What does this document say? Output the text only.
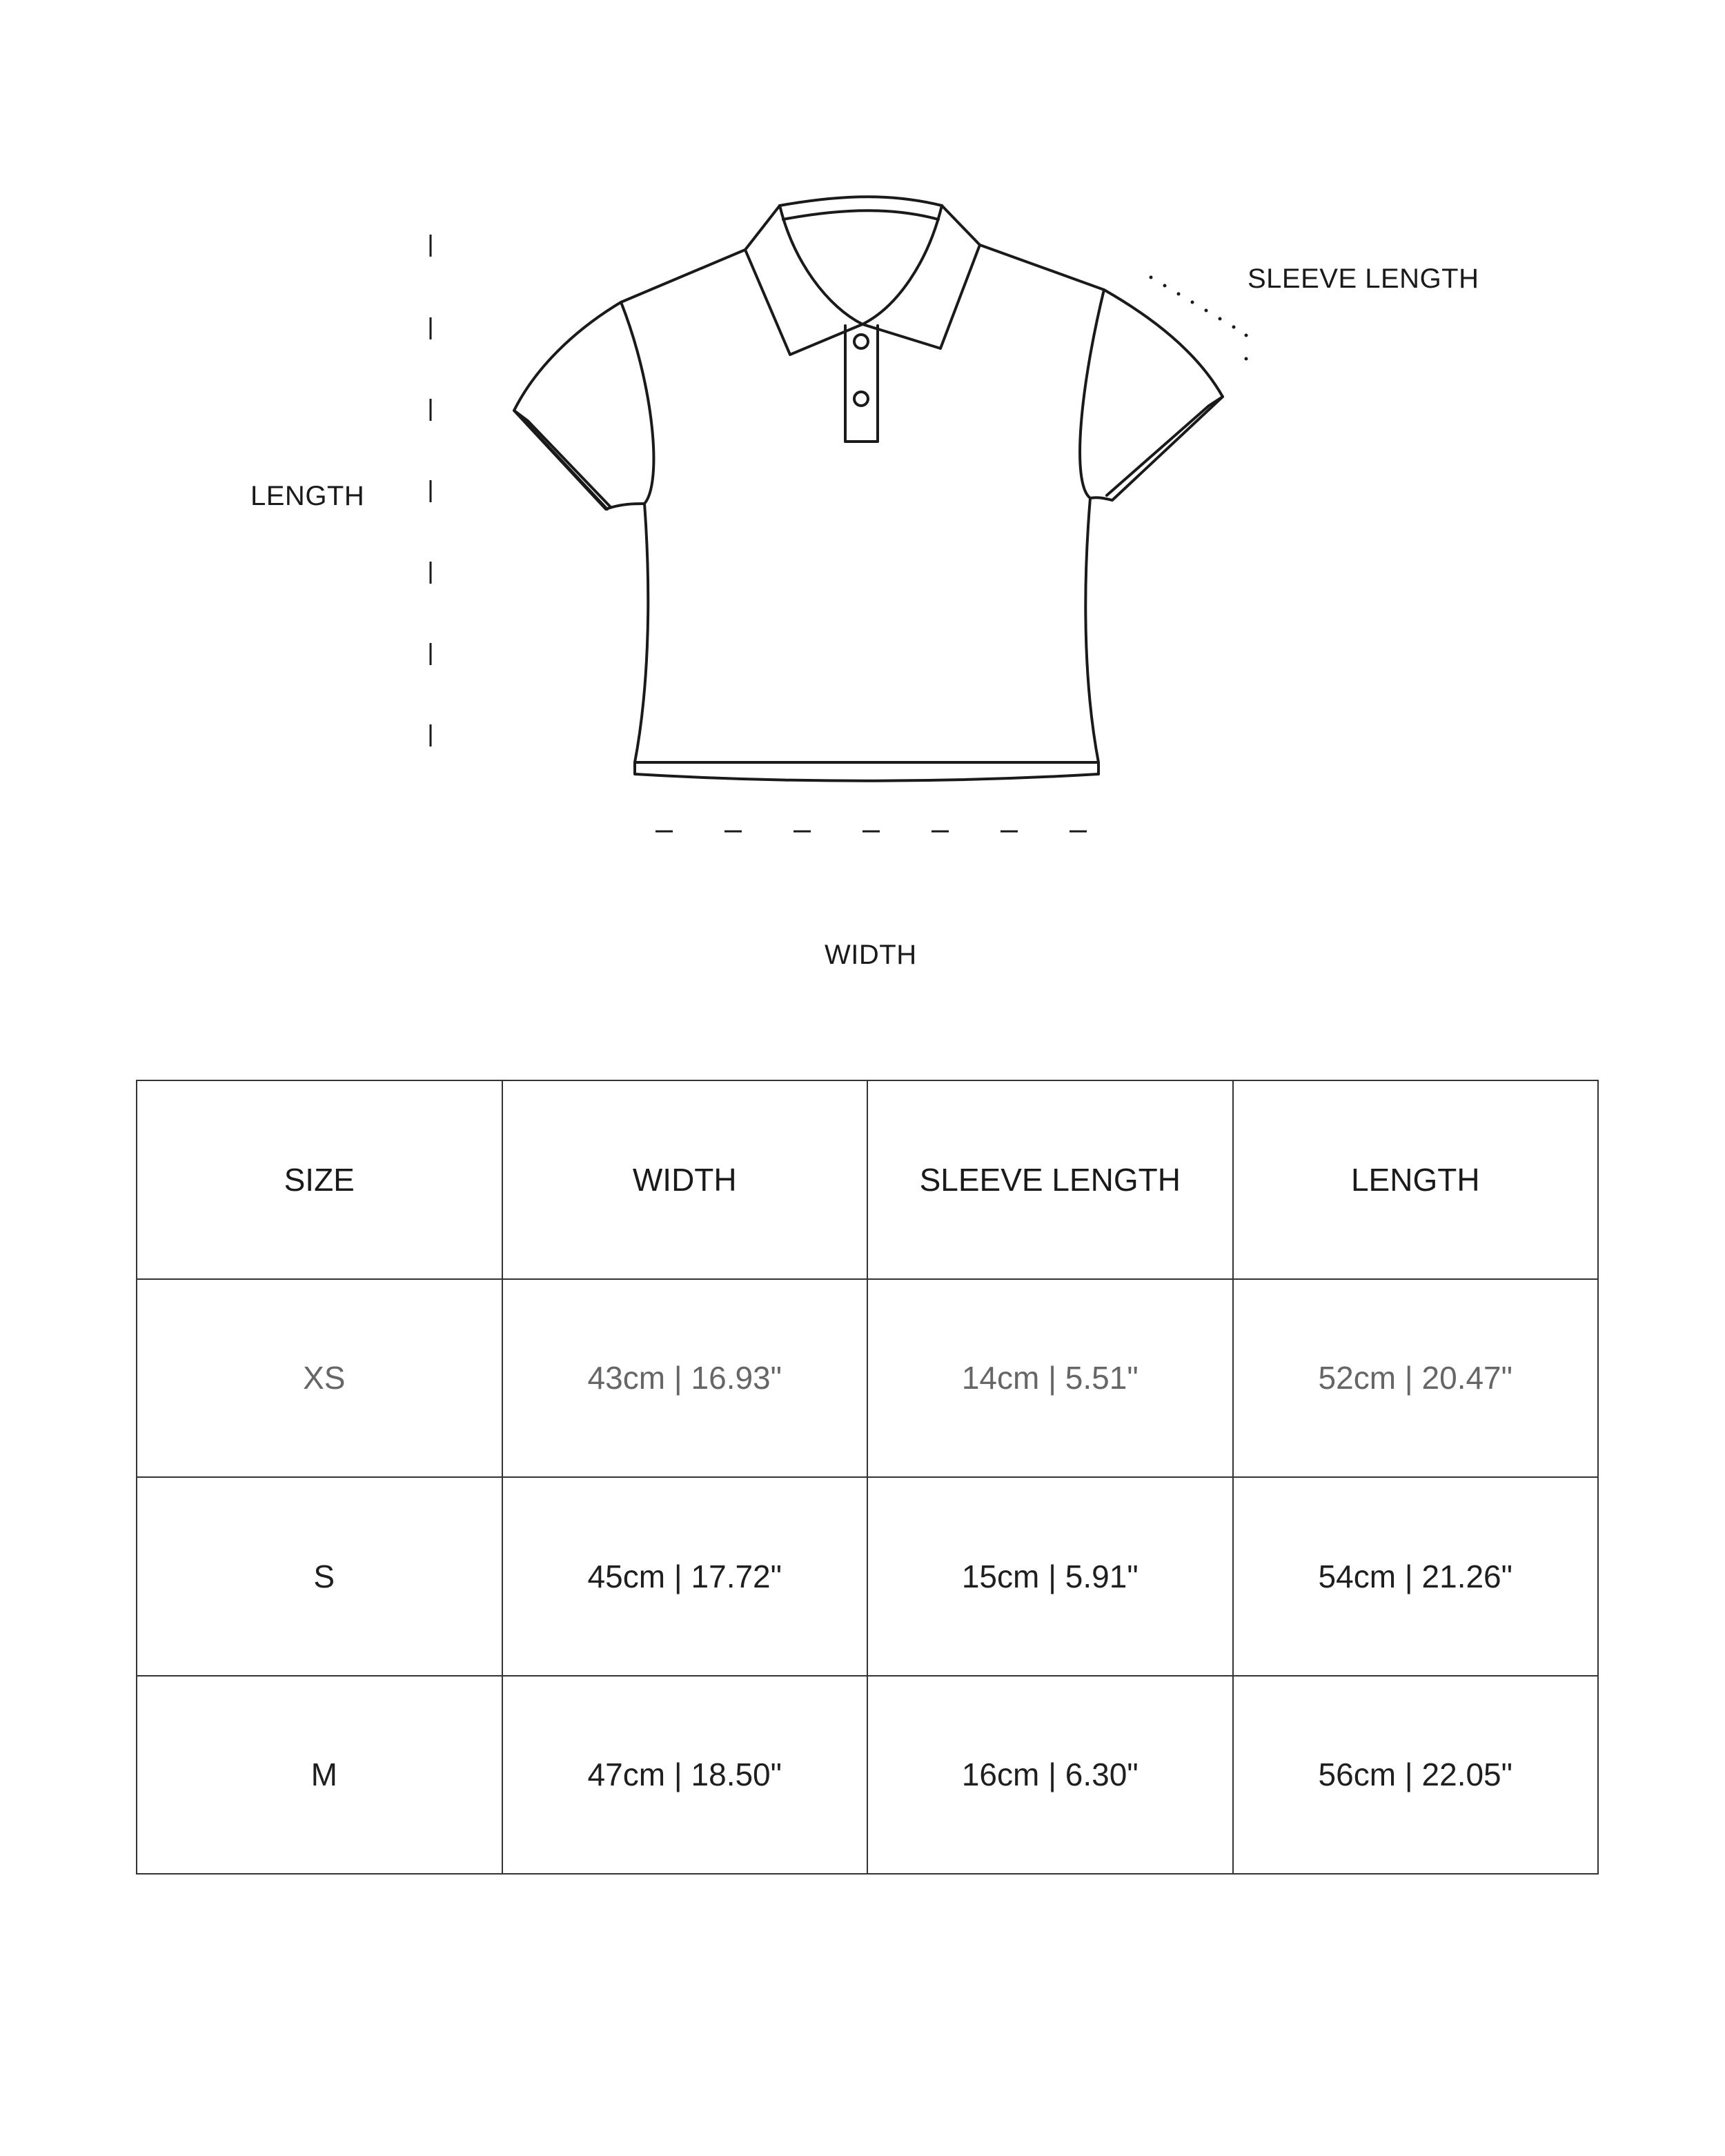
SLEEVE LENGTH
LENGTH
WIDTH
SIZE	WIDTH	SLEEVE LENGTH	LENGTH
XS	43cm | 16.93"	14cm | 5.51"	52cm | 20.47"
S	45cm | 17.72"	15cm | 5.91"	54cm | 21.26"
M	47cm | 18.50"	16cm | 6.30"	56cm | 22.05"
